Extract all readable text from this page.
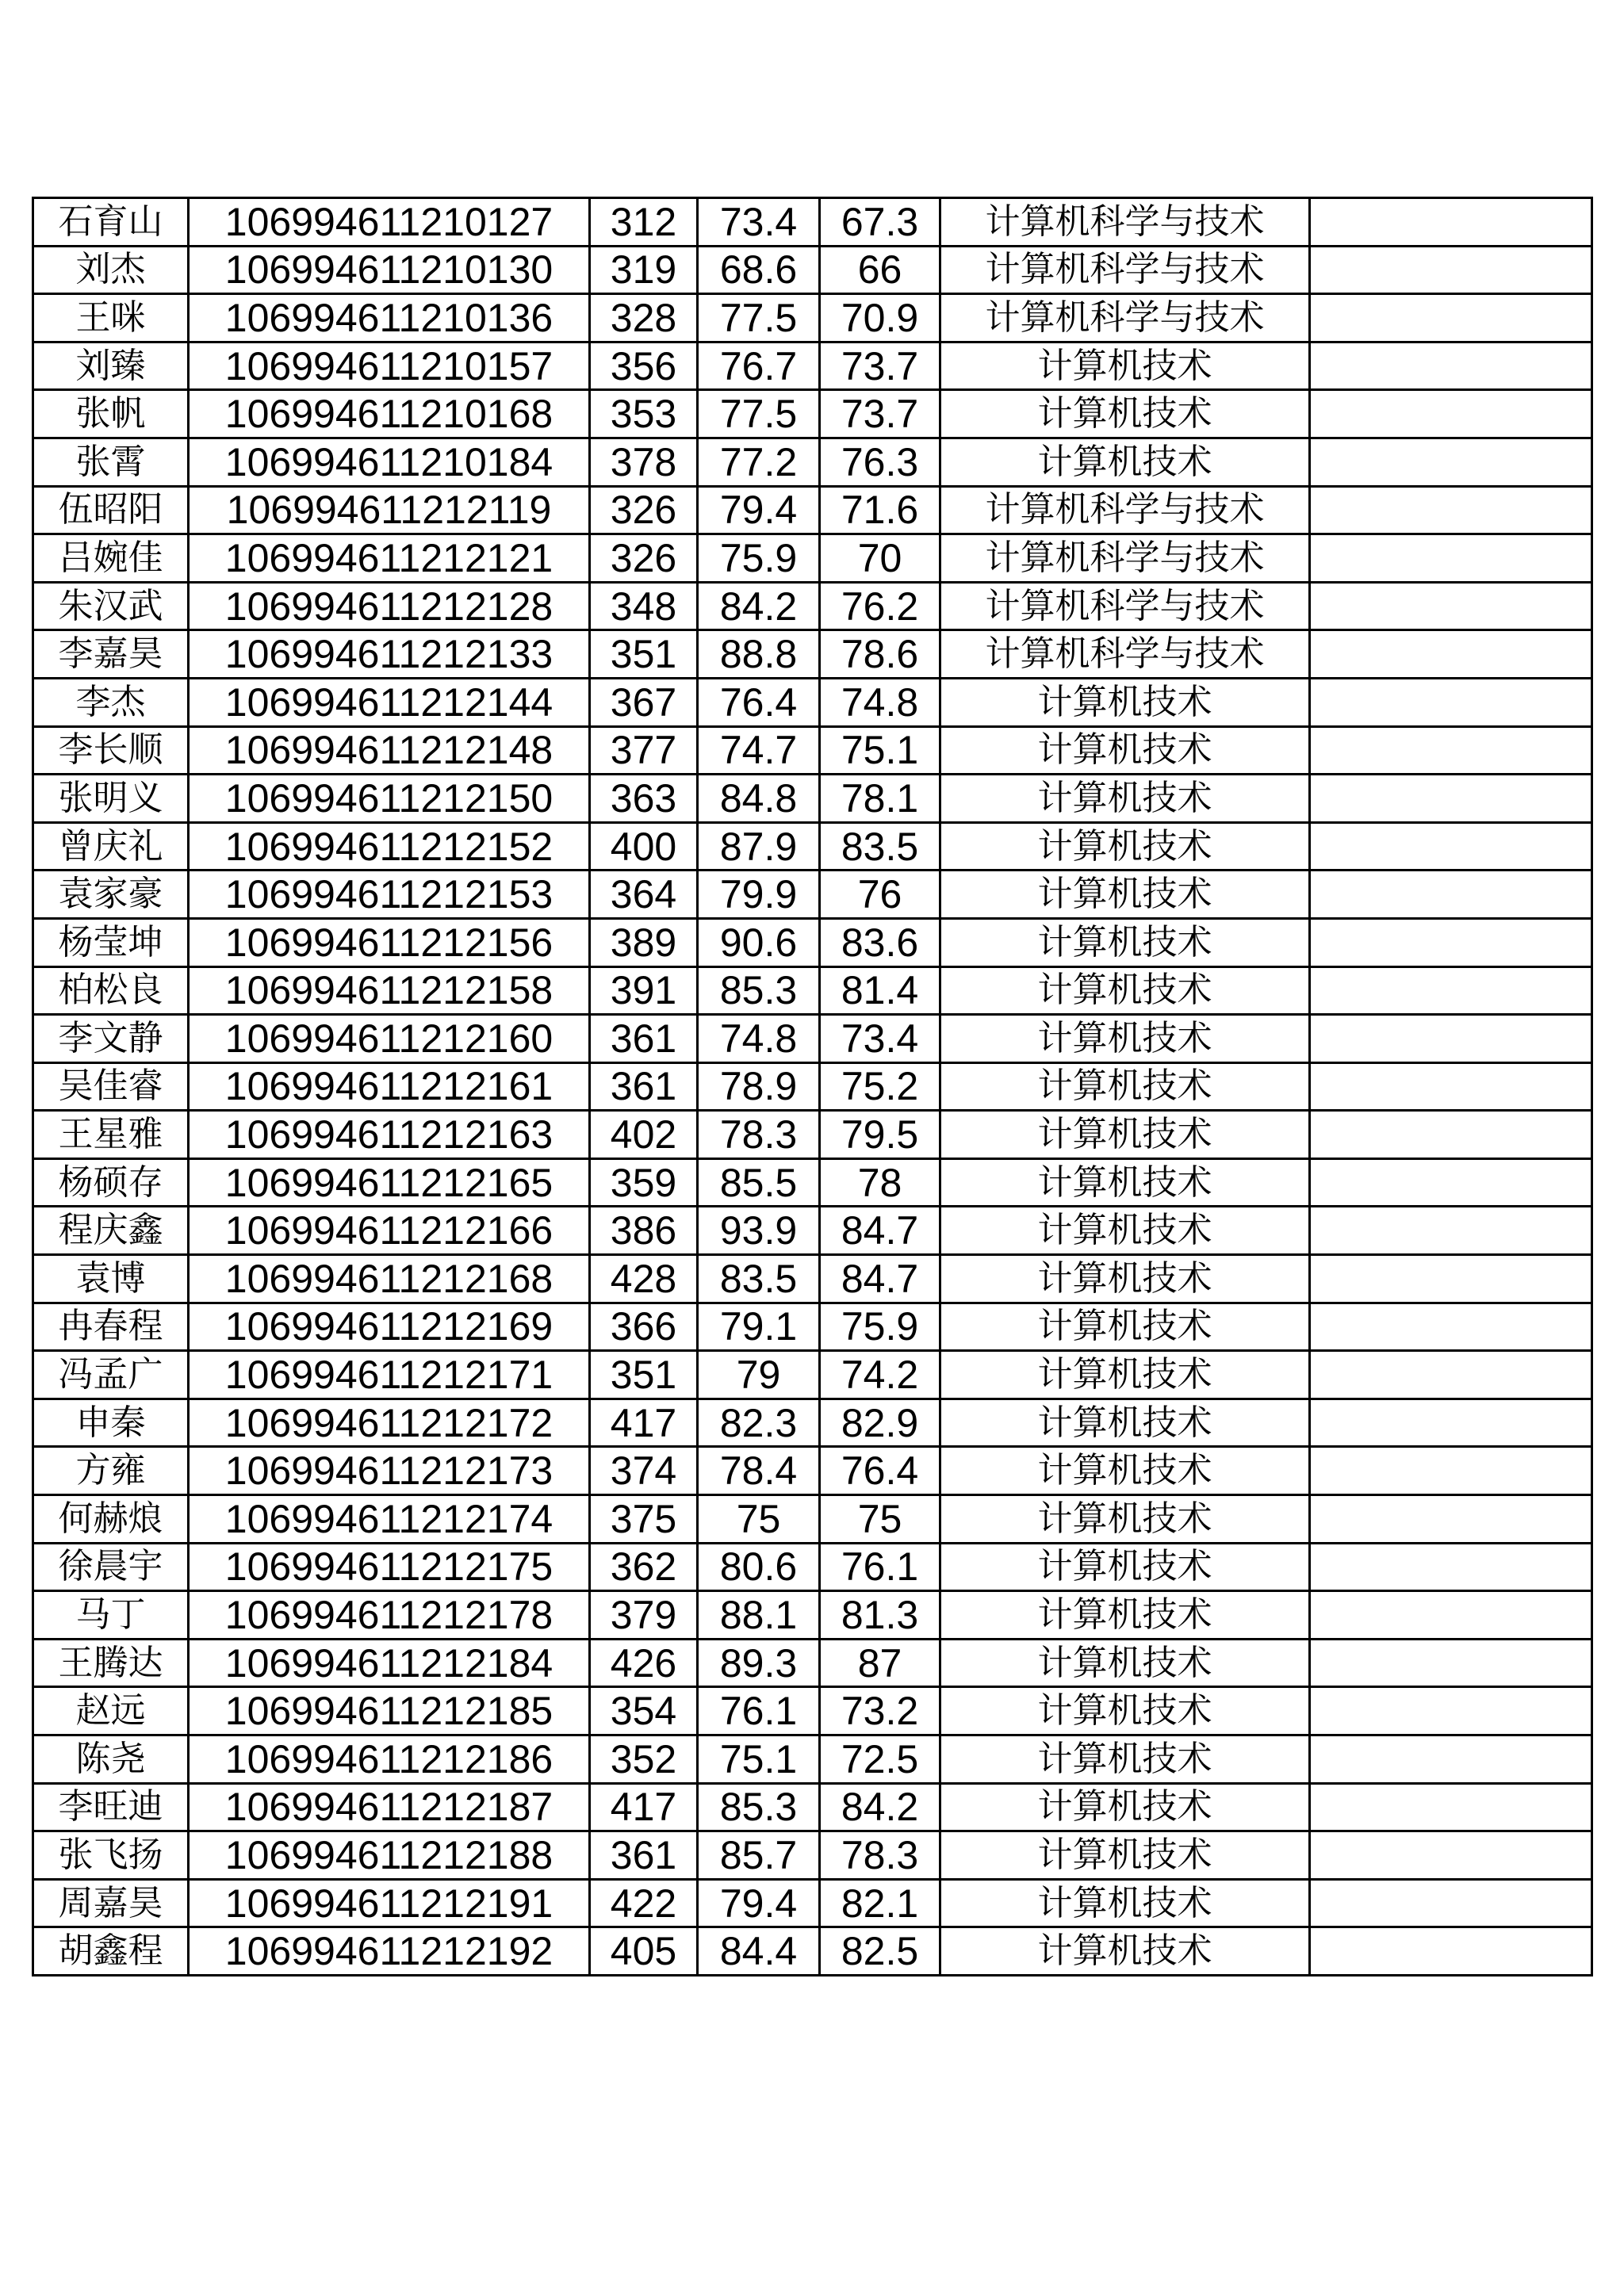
石育山	106994611210127	312	73.4	67.3	计算机科学与技术	
刘杰	106994611210130	319	68.6	66	计算机科学与技术	
王咪	106994611210136	328	77.5	70.9	计算机科学与技术	
刘臻	106994611210157	356	76.7	73.7	计算机技术	
张帆	106994611210168	353	77.5	73.7	计算机技术	
张霄	106994611210184	378	77.2	76.3	计算机技术	
伍昭阳	106994611212119	326	79.4	71.6	计算机科学与技术	
吕婉佳	106994611212121	326	75.9	70	计算机科学与技术	
朱汉武	106994611212128	348	84.2	76.2	计算机科学与技术	
李嘉昊	106994611212133	351	88.8	78.6	计算机科学与技术	
李杰	106994611212144	367	76.4	74.8	计算机技术	
李长顺	106994611212148	377	74.7	75.1	计算机技术	
张明义	106994611212150	363	84.8	78.1	计算机技术	
曾庆礼	106994611212152	400	87.9	83.5	计算机技术	
袁家豪	106994611212153	364	79.9	76	计算机技术	
杨莹坤	106994611212156	389	90.6	83.6	计算机技术	
柏松良	106994611212158	391	85.3	81.4	计算机技术	
李文静	106994611212160	361	74.8	73.4	计算机技术	
吴佳睿	106994611212161	361	78.9	75.2	计算机技术	
王星雅	106994611212163	402	78.3	79.5	计算机技术	
杨硕存	106994611212165	359	85.5	78	计算机技术	
程庆鑫	106994611212166	386	93.9	84.7	计算机技术	
袁博	106994611212168	428	83.5	84.7	计算机技术	
冉春程	106994611212169	366	79.1	75.9	计算机技术	
冯孟广	106994611212171	351	79	74.2	计算机技术	
申秦	106994611212172	417	82.3	82.9	计算机技术	
方雍	106994611212173	374	78.4	76.4	计算机技术	
何赫烺	106994611212174	375	75	75	计算机技术	
徐晨宇	106994611212175	362	80.6	76.1	计算机技术	
马丁	106994611212178	379	88.1	81.3	计算机技术	
王腾达	106994611212184	426	89.3	87	计算机技术	
赵远	106994611212185	354	76.1	73.2	计算机技术	
陈尧	106994611212186	352	75.1	72.5	计算机技术	
李旺迪	106994611212187	417	85.3	84.2	计算机技术	
张飞扬	106994611212188	361	85.7	78.3	计算机技术	
周嘉昊	106994611212191	422	79.4	82.1	计算机技术	
胡鑫程	106994611212192	405	84.4	82.5	计算机技术	
